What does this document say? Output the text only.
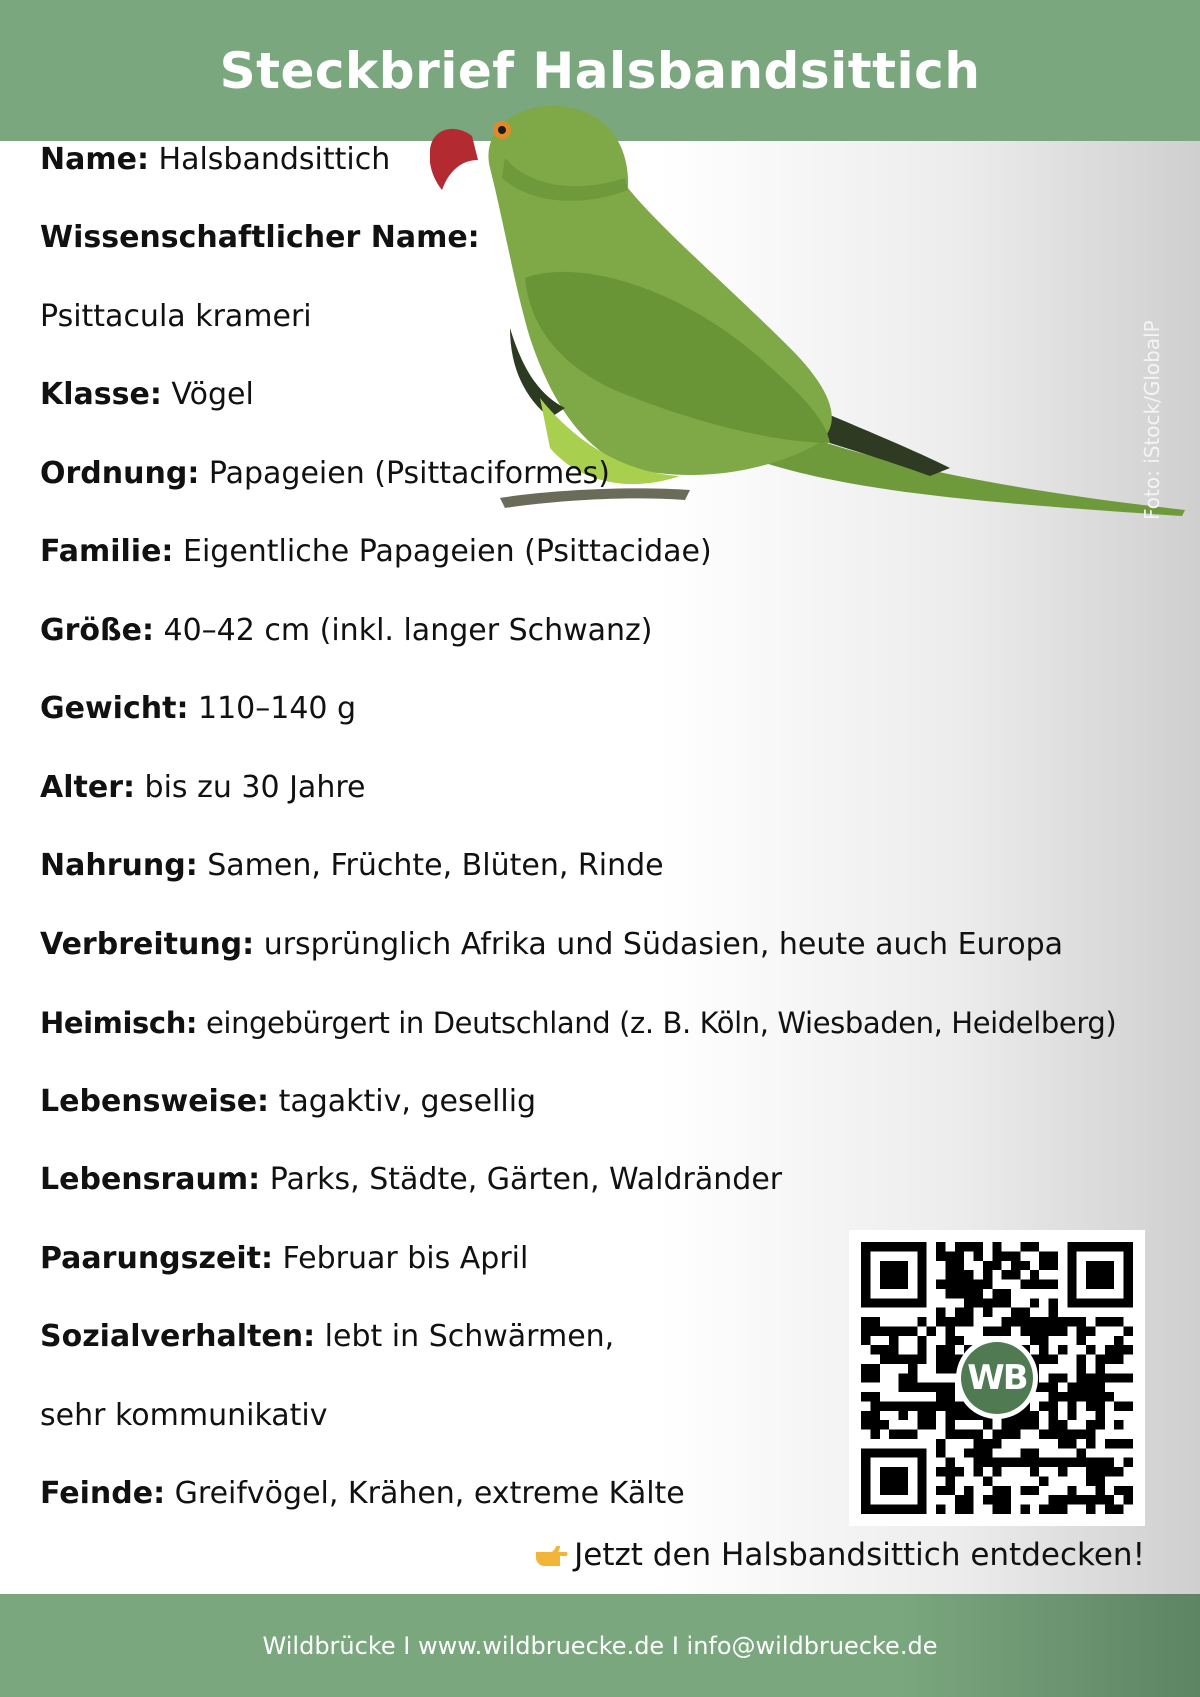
Steckbrief Halsbandsittich
Foto: iStock/GlobalP
Name: Halsbandsittich
Wissenschaftlicher Name:
Psittacula krameri
Klasse: Vögel
Ordnung: Papageien (Psittaciformes)
Familie: Eigentliche Papageien (Psittacidae)
Größe: 40–42 cm (inkl. langer Schwanz)
Gewicht: 110–140 g
Alter: bis zu 30 Jahre
Nahrung: Samen, Früchte, Blüten, Rinde
Verbreitung: ursprünglich Afrika und Südasien, heute auch Europa
Heimisch: eingebürgert in Deutschland (z. B. Köln, Wiesbaden, Heidelberg)
Lebensweise: tagaktiv, gesellig
Lebensraum: Parks, Städte, Gärten, Waldränder
Paarungszeit: Februar bis April
Sozialverhalten: lebt in Schwärmen,
sehr kommunikativ
Feinde: Greifvögel, Krähen, extreme Kälte
WB
Jetzt den Halsbandsittich entdecken!
Wildbrücke I www.wildbruecke.de I info@wildbruecke.de
